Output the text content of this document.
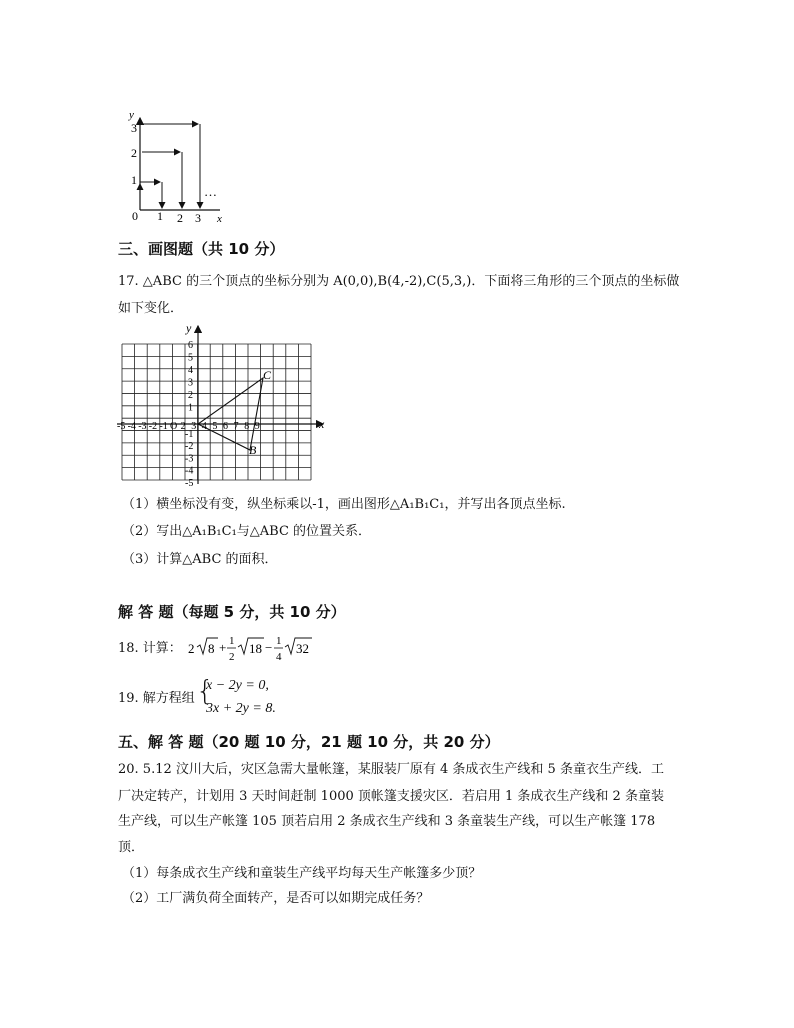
y
3
2
1
0 1 2 3 x
…
三、画图题（共 10 分）
17. △ABC 的三个顶点的坐标分别为 A(0,0),B(4,-2),C(5,3,)．下面将三角形的三个顶点的坐标做
如下变化．
-5 -4 -3 -2 -1 O 2 3 4 5 6 7 8 9
6
5
4
3
2
1
-1
-2
-3
-4
-5
x
y
C
B
（1）横坐标没有变，纵坐标乘以-1，画出图形△A₁B₁C₁，并写出各顶点坐标.
（2）写出△A₁B₁C₁与△ABC 的位置关系．
（3）计算△ABC 的面积．
解 答 题（每题 5 分，共 10 分）
18. 计算： 2 8 + 1
2
18 − 1
4
32
19. 解方程组 {
x − 2y = 0,
3x + 2y = 8.
五、解 答 题（20 题 10 分，21 题 10 分，共 20 分）
20. 5.12 汶川大后，灾区急需大量帐篷，某服装厂原有 4 条成衣生产线和 5 条童衣生产线．工
厂决定转产，计划用 3 天时间赶制 1000 顶帐篷支援灾区．若启用 1 条成衣生产线和 2 条童装
生产线，可以生产帐篷 105 顶若启用 2 条成衣生产线和 3 条童装生产线，可以生产帐篷 178
顶．
（1）每条成衣生产线和童装生产线平均每天生产帐篷多少顶？
（2）工厂满负荷全面转产，是否可以如期完成任务？
